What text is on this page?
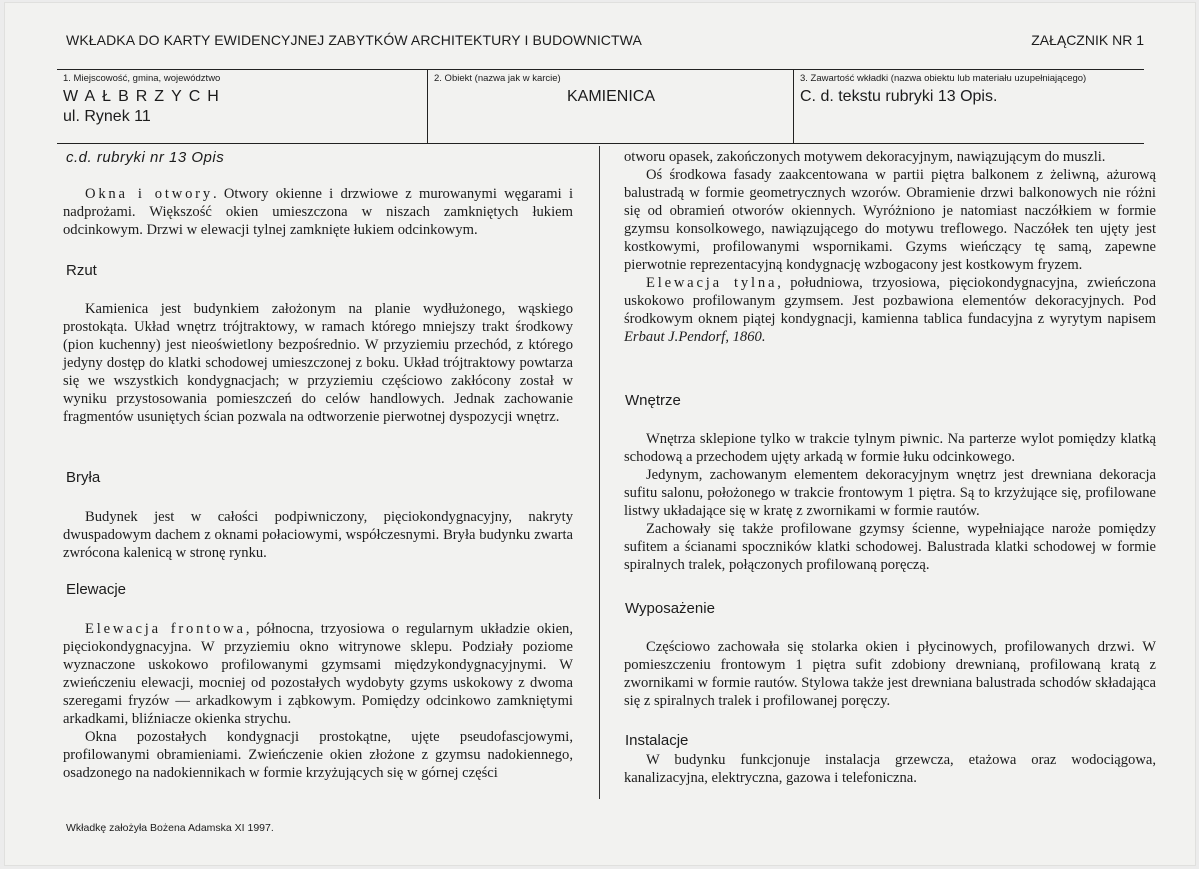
WKŁADKA DO KARTY EWIDENCYJNEJ ZABYTKÓW ARCHITEKTURY I BUDOWNICTWA	ZAŁĄCZNIK NR 1
1. Miejscowość, gmina, województwo
WAŁBRZYCH
ul. Rynek 11
2. Obiekt (nazwa jak w karcie)
KAMIENICA
3. Zawartość wkładki (nazwa obiektu lub materiału uzupełniającego)
C. d. tekstu rubryki 13 Opis.
c.d. rubryki nr 13 Opis

Okna i otwory. Otwory okienne i drzwiowe z murowanymi węgarami i nadprożami. Większość okien umieszczona w niszach zamkniętych łukiem odcinkowym. Drzwi w elewacji tylnej zamknięte łukiem odcinkowym.

Rzut

Kamienica jest budynkiem założonym na planie wydłużonego, wąskiego prostokąta. Układ wnętrz trójtraktowy, w ramach którego mniejszy trakt środkowy (pion kuchenny) jest nieoświetlony bezpośrednio. W przyziemiu przechód, z którego jedyny dostęp do klatki schodowej umieszczonej z boku. Układ trójtraktowy powtarza się we wszystkich kondygnacjach; w przyziemiu częściowo zakłócony został w wyniku przystosowania pomieszczeń do celów handlowych. Jednak zachowanie fragmentów usuniętych ścian pozwala na odtworzenie pierwotnej dyspozycji wnętrz.

Bryła

Budynek jest w całości podpiwniczony, pięciokondygnacyjny, nakryty dwuspadowym dachem z oknami połaciowymi, współczesnymi. Bryła budynku zwarta zwrócona kalenicą w stronę rynku.

Elewacje

Elewacja frontowa, północna, trzyosiowa o regularnym układzie okien, pięciokondygnacyjna. W przyziemiu okno witrynowe sklepu. Podziały poziome wyznaczone uskokowo profilowanymi gzymsami międzykondygnacyjnymi. W zwieńczeniu elewacji, mocniej od pozostałych wydobyty gzyms uskokowy z dwoma szeregami fryzów — arkadkowym i ząbkowym. Pomiędzy odcinkowo zamkniętymi arkadkami, bliźniacze okienka strychu.

Okna pozostałych kondygnacji prostokątne, ujęte pseudofascjowymi, profilowanymi obramieniami. Zwieńczenie okien złożone z gzymsu nadokiennego, osadzonego na nadokiennikach w formie krzyżujących się w górnej części

otworu opasek, zakończonych motywem dekoracyjnym, nawiązującym do muszli.

Oś środkowa fasady zaakcentowana w partii piętra balkonem z żeliwną, ażurową balustradą w formie geometrycznych wzorów. Obramienie drzwi balkonowych nie różni się od obramień otworów okiennych. Wyróżniono je natomiast naczółkiem w formie gzymsu konsolkowego, nawiązującego do motywu treflowego. Naczółek ten ujęty jest kostkowymi, profilowanymi wspornikami. Gzyms wieńczący tę samą, zapewne pierwotnie reprezentacyjną kondygnację wzbogacony jest kostkowym fryzem.

Elewacja tylna, południowa, trzyosiowa, pięciokondygnacyjna, zwieńczona uskokowo profilowanym gzymsem. Jest pozbawiona elementów dekoracyjnych. Pod środkowym oknem piątej kondygnacji, kamienna tablica fundacyjna z wyrytym napisem Erbaut J.Pendorf, 1860.

Wnętrze

Wnętrza sklepione tylko w trakcie tylnym piwnic. Na parterze wylot pomiędzy klatką schodową a przechodem ujęty arkadą w formie łuku odcinkowego.

Jedynym, zachowanym elementem dekoracyjnym wnętrz jest drewniana dekoracja sufitu salonu, położonego w trakcie frontowym 1 piętra. Są to krzyżujące się, profilowane listwy układające się w kratę z zwornikami w formie rautów.

Zachowały się także profilowane gzymsy ścienne, wypełniające naroże pomiędzy sufitem a ścianami spoczników klatki schodowej. Balustrada klatki schodowej w formie spiralnych tralek, połączonych profilowaną poręczą.

Wyposażenie

Częściowo zachowała się stolarka okien i płycinowych, profilowanych drzwi. W pomieszczeniu frontowym 1 piętra sufit zdobiony drewnianą, profilowaną kratą z zwornikami w formie rautów. Stylowa także jest drewniana balustrada schodów składająca się z spiralnych tralek i profilowanej poręczy.

Instalacje

W budynku funkcjonuje instalacja grzewcza, etażowa oraz wodociągowa, kanalizacyjna, elektryczna, gazowa i telefoniczna.

Wkładkę założyła Bożena Adamska XI 1997.
